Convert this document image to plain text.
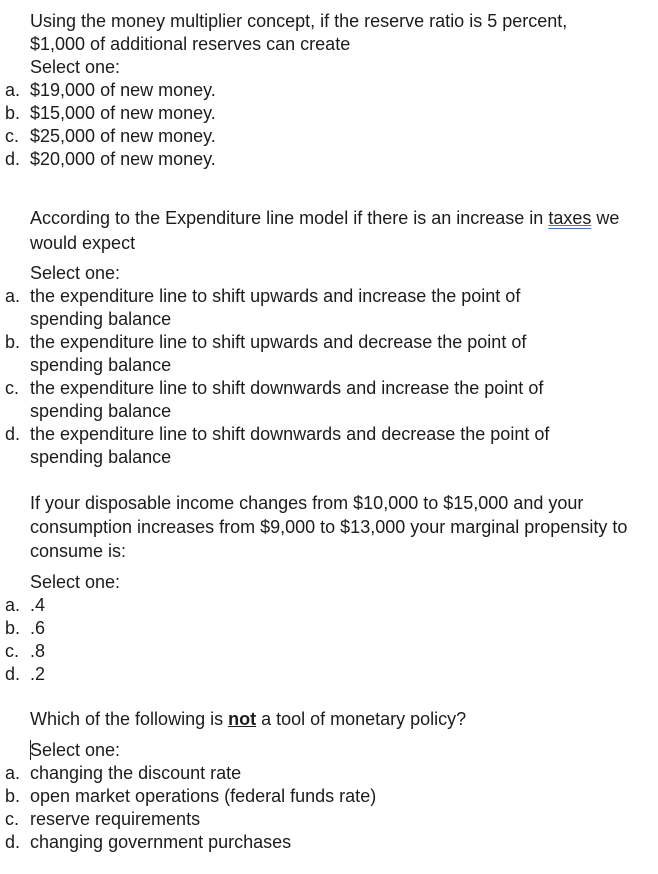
Using the money multiplier concept, if the reserve ratio is 5 percent, $1,000 of additional reserves can create

Select one:
a. $19,000 of new money.
b. $15,000 of new money.
c. $25,000 of new money.
d. $20,000 of new money.

According to the Expenditure line model if there is an increase in taxes we would expect

Select one:
a. the expenditure line to shift upwards and increase the point of spending balance
b. the expenditure line to shift upwards and decrease the point of spending balance
c. the expenditure line to shift downwards and increase the point of spending balance
d. the expenditure line to shift downwards and decrease the point of spending balance

If your disposable income changes from $10,000 to $15,000 and your consumption increases from $9,000 to $13,000 your marginal propensity to consume is:

Select one:
a. .4
b. .6
c. .8
d. .2

Which of the following is not a tool of monetary policy?

Select one:
a. changing the discount rate
b. open market operations (federal funds rate)
c. reserve requirements
d. changing government purchases
